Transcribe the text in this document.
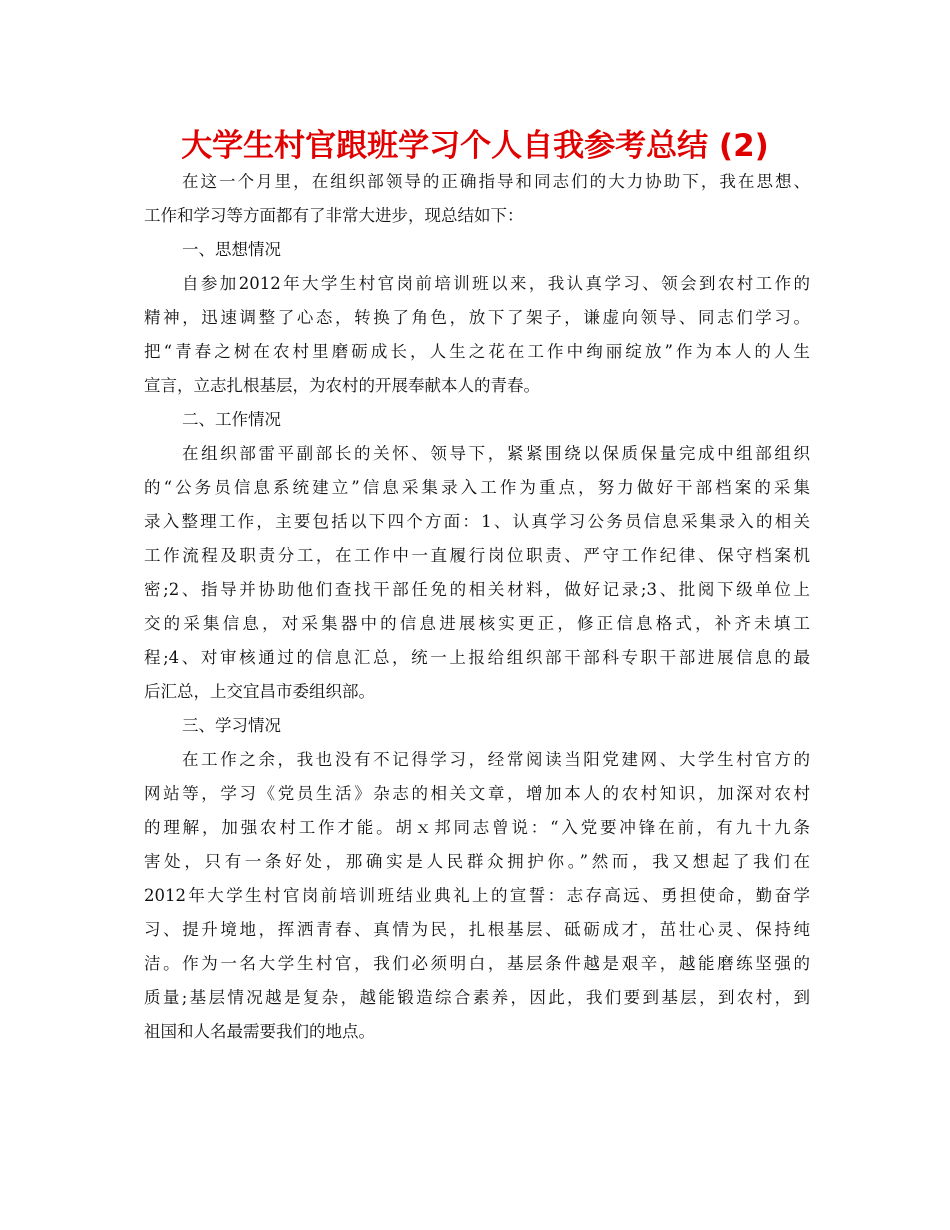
大学生村官跟班学习个人自我参考总结 (2)
在这一个月里，在组织部领导的正确指导和同志们的大力协助下，我在思想、
工作和学习等方面都有了非常大进步，现总结如下：
一、思想情况
自参加2012年大学生村官岗前培训班以来，我认真学习、领会到农村工作的
精神，迅速调整了心态，转换了角色，放下了架子，谦虚向领导、同志们学习。
把“青春之树在农村里磨砺成长，人生之花在工作中绚丽绽放”作为本人的人生
宣言，立志扎根基层，为农村的开展奉献本人的青春。
二、工作情况
在组织部雷平副部长的关怀、领导下，紧紧围绕以保质保量完成中组部组织
的“公务员信息系统建立”信息采集录入工作为重点，努力做好干部档案的采集
录入整理工作，主要包括以下四个方面：1、认真学习公务员信息采集录入的相关
工作流程及职责分工，在工作中一直履行岗位职责、严守工作纪律、保守档案机
密;2、指导并协助他们查找干部任免的相关材料，做好记录;3、批阅下级单位上
交的采集信息，对采集器中的信息进展核实更正，修正信息格式，补齐未填工
程;4、对审核通过的信息汇总，统一上报给组织部干部科专职干部进展信息的最
后汇总，上交宜昌市委组织部。
三、学习情况
在工作之余，我也没有不记得学习，经常阅读当阳党建网、大学生村官方的
网站等，学习《党员生活》杂志的相关文章，增加本人的农村知识，加深对农村
的理解，加强农村工作才能。胡ｘ邦同志曾说：“入党要冲锋在前，有九十九条
害处，只有一条好处，那确实是人民群众拥护你。”然而，我又想起了我们在
2012年大学生村官岗前培训班结业典礼上的宣誓：志存高远、勇担使命，勤奋学
习、提升境地，挥洒青春、真情为民，扎根基层、砥砺成才，茁壮心灵、保持纯
洁。作为一名大学生村官，我们必须明白，基层条件越是艰辛，越能磨练坚强的
质量;基层情况越是复杂，越能锻造综合素养，因此，我们要到基层，到农村，到
祖国和人名最需要我们的地点。
